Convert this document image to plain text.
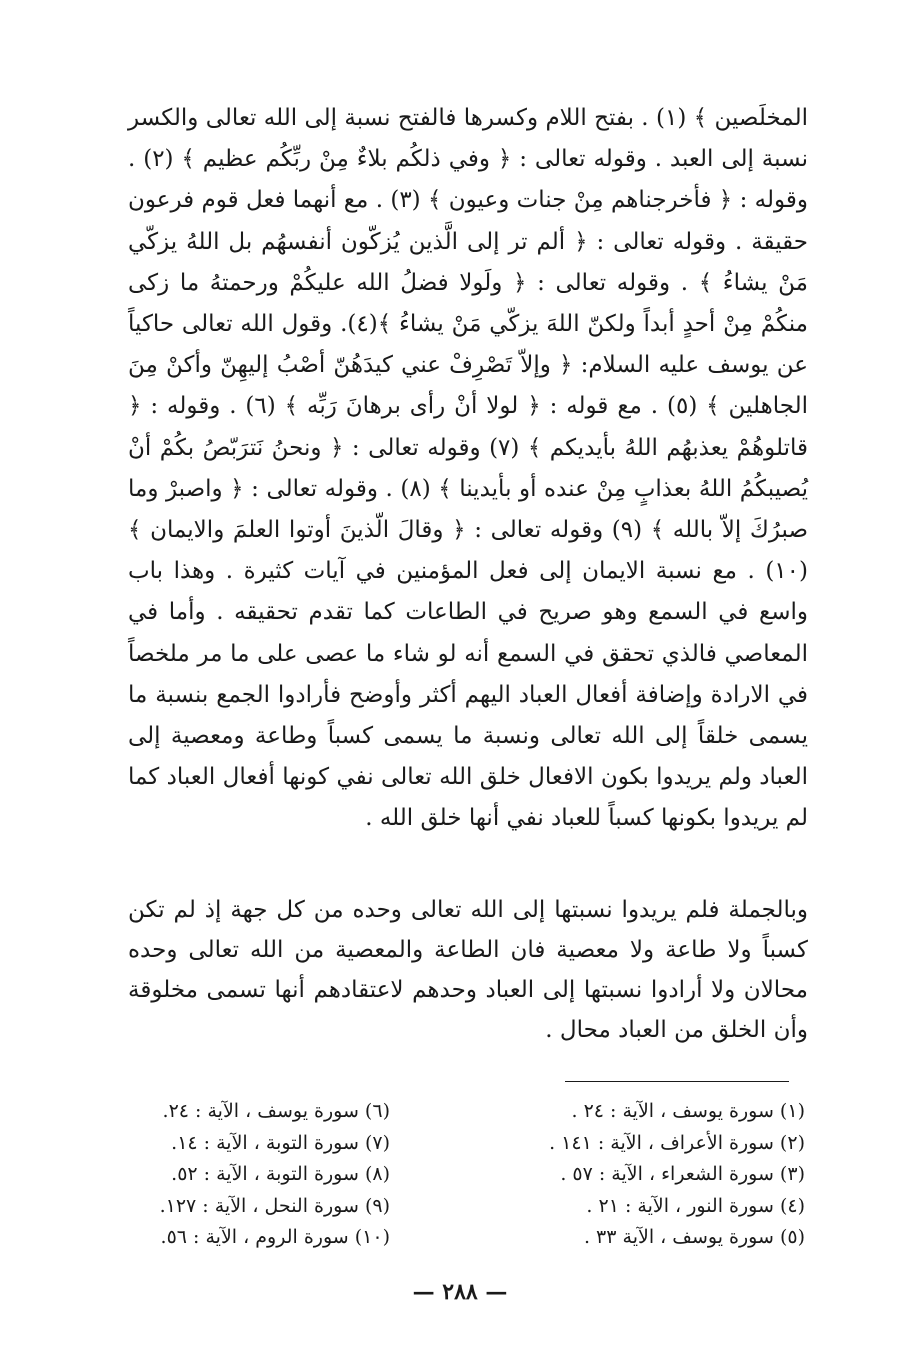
المخلَصين ﴾ (١) . بفتح اللام وكسرها فالفتح نسبة إلى الله تعالى والكسر نسبة إلى العبد . وقوله تعالى : ﴿ وفي ذلكُم بلاءٌ مِنْ ربِّكُم عظيم ﴾ (٢) . وقوله : ﴿ فأخرجناهم مِنْ جنات وعيون ﴾ (٣) . مع أنهما فعل قوم فرعون حقيقة . وقوله تعالى : ﴿ ألم تر إلى الَّذين يُزكّون أنفسهُم بل اللهُ يزكّي مَنْ يشاءُ ﴾ . وقوله تعالى : ﴿ ولَولا فضلُ الله عليكُمْ ورحمتهُ ما زكى منكُمْ مِنْ أحدٍ أبداً ولكنّ اللهَ يزكّي مَنْ يشاءُ ﴾(٤). وقول الله تعالى حاكياً عن يوسف عليه السلام: ﴿ وإلاّ تَصْرِفْ عني كيدَهُنّ أصْبُ إليهِنّ وأكنْ مِنَ الجاهلين ﴾ (٥) . مع قوله : ﴿ لولا أنْ رأى برهانَ رَبِّه ﴾ (٦) . وقوله : ﴿ قاتلوهُمْ يعذبهُم اللهُ بأيديكم ﴾ (٧) وقوله تعالى : ﴿ ونحنُ نَترَبّصُ بكُمْ أنْ يُصيبكُمُ اللهُ بعذابٍ مِنْ عنده أو بأيدينا ﴾ (٨) . وقوله تعالى : ﴿ واصبرْ وما صبرُكَ إلاّ بالله ﴾ (٩) وقوله تعالى : ﴿ وقالَ الّذينَ أوتوا العلمَ والايمان ﴾ (١٠) . مع نسبة الايمان إلى فعل المؤمنين في آيات كثيرة . وهذا باب واسع في السمع وهو صريح في الطاعات كما تقدم تحقيقه . وأما في المعاصي فالذي تحقق في السمع أنه لو شاء ما عصى على ما مر ملخصاً في الارادة وإضافة أفعال العباد اليهم أكثر وأوضح فأرادوا الجمع بنسبة ما يسمى خلقاً إلى الله تعالى ونسبة ما يسمى كسباً وطاعة ومعصية إلى العباد ولم يريدوا بكون الافعال خلق الله تعالى نفي كونها أفعال العباد كما لم يريدوا بكونها كسباً للعباد نفي أنها خلق الله .

وبالجملة فلم يريدوا نسبتها إلى الله تعالى وحده من كل جهة إذ لم تكن كسباً ولا طاعة ولا معصية فان الطاعة والمعصية من الله تعالى وحده محالان ولا أرادوا نسبتها إلى العباد وحدهم لاعتقادهم أنها تسمى مخلوقة وأن الخلق من العباد محال .

(١) سورة يوسف ، الآية : ٢٤ .
(٢) سورة الأعراف ، الآية : ١٤١ .
(٣) سورة الشعراء ، الآية : ٥٧ .
(٤) سورة النور ، الآية : ٢١ .
(٥) سورة يوسف ، الآية ٣٣ .
(٦) سورة يوسف ، الآية : ٢٤.
(٧) سورة التوبة ، الآية : ١٤.
(٨) سورة التوبة ، الآية : ٥٢.
(٩) سورة النحل ، الآية : ١٢٧.
(١٠) سورة الروم ، الآية : ٥٦.
— ٢٨٨ —
